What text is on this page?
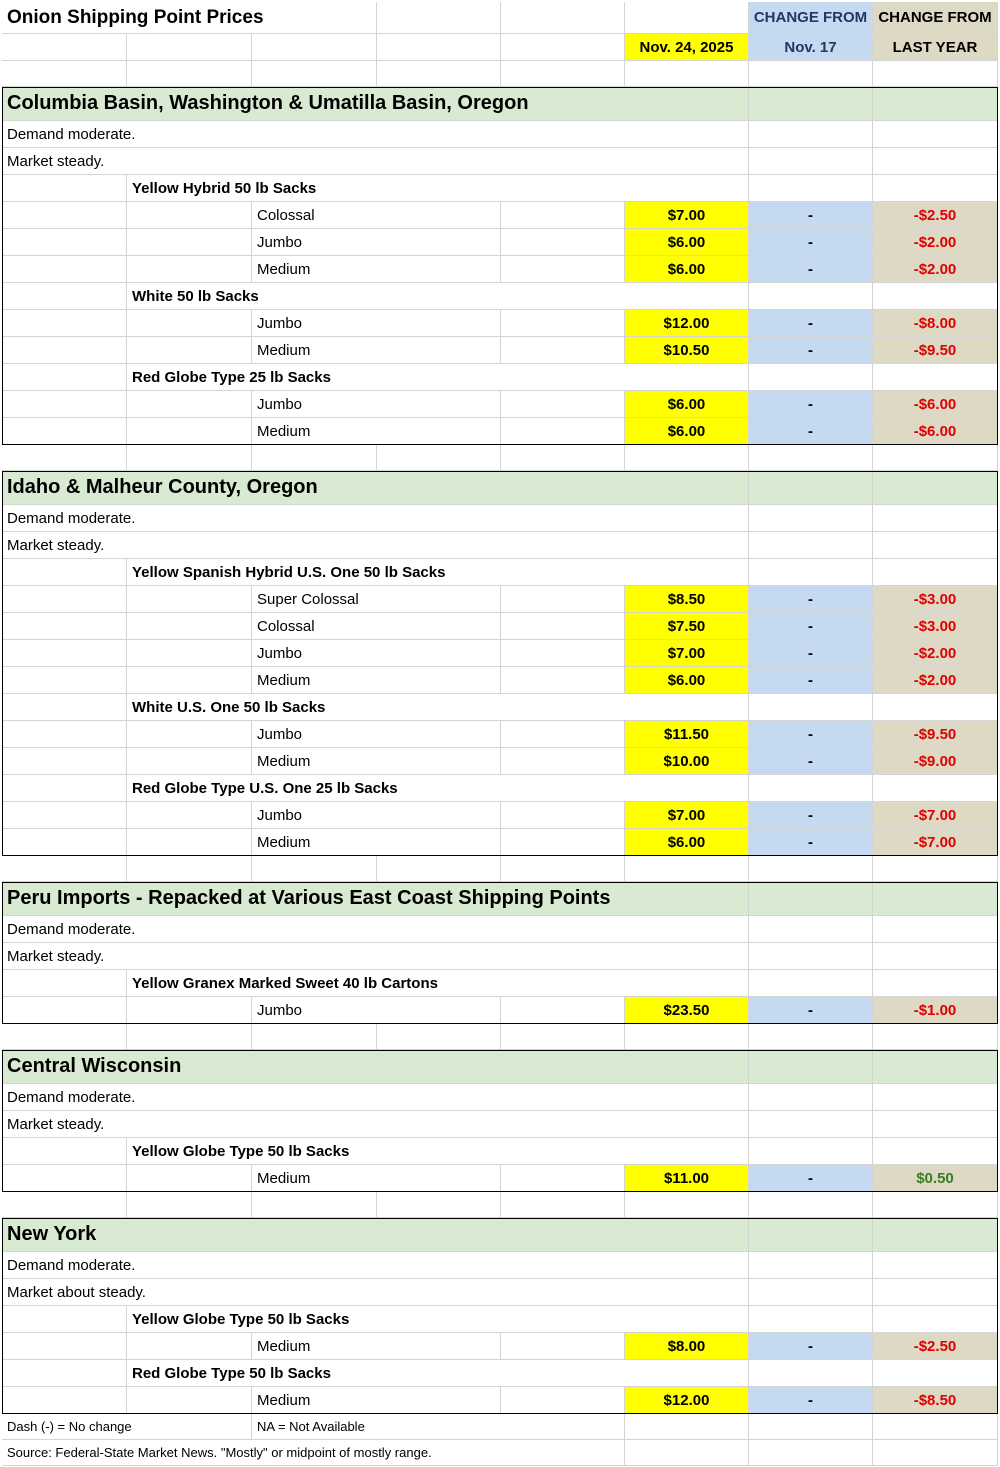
Onion Shipping Point Prices	CHANGE FROM CHANGE FROM
Nov. 24, 2025	Nov. 17	LAST YEAR
Columbia Basin, Washington & Umatilla Basin, Oregon
Demand moderate.
Market steady.
Yellow Hybrid 50 lb Sacks
Colossal	$7.00	-	-$2.50
Jumbo	$6.00	-	-$2.00
Medium	$6.00	-	-$2.00
White 50 lb Sacks
Jumbo	$12.00	-	-$8.00
Medium	$10.50	-	-$9.50
Red Globe Type 25 lb Sacks
Jumbo	$6.00	-	-$6.00
Medium	$6.00	-	-$6.00
Idaho & Malheur County, Oregon
Demand moderate.
Market steady.
Yellow Spanish Hybrid U.S. One 50 lb Sacks
Super Colossal	$8.50	-	-$3.00
Colossal	$7.50	-	-$3.00
Jumbo	$7.00	-	-$2.00
Medium	$6.00	-	-$2.00
White U.S. One 50 lb Sacks
Jumbo	$11.50	-	-$9.50
Medium	$10.00	-	-$9.00
Red Globe Type U.S. One 25 lb Sacks
Jumbo	$7.00	-	-$7.00
Medium	$6.00	-	-$7.00
Peru Imports - Repacked at Various East Coast Shipping Points
Demand moderate.
Market steady.
Yellow Granex Marked Sweet 40 lb Cartons
Jumbo	$23.50	-	-$1.00
Central Wisconsin
Demand moderate.
Market steady.
Yellow Globe Type 50 lb Sacks
Medium	$11.00	-	$0.50
New York
Demand moderate.
Market about steady.
Yellow Globe Type 50 lb Sacks
Medium	$8.00	-	-$2.50
Red Globe Type 50 lb Sacks
Medium	$12.00	-	-$8.50
Dash (-) = No change	NA = Not Available
Source: Federal-State Market News. "Mostly" or midpoint of mostly range.
